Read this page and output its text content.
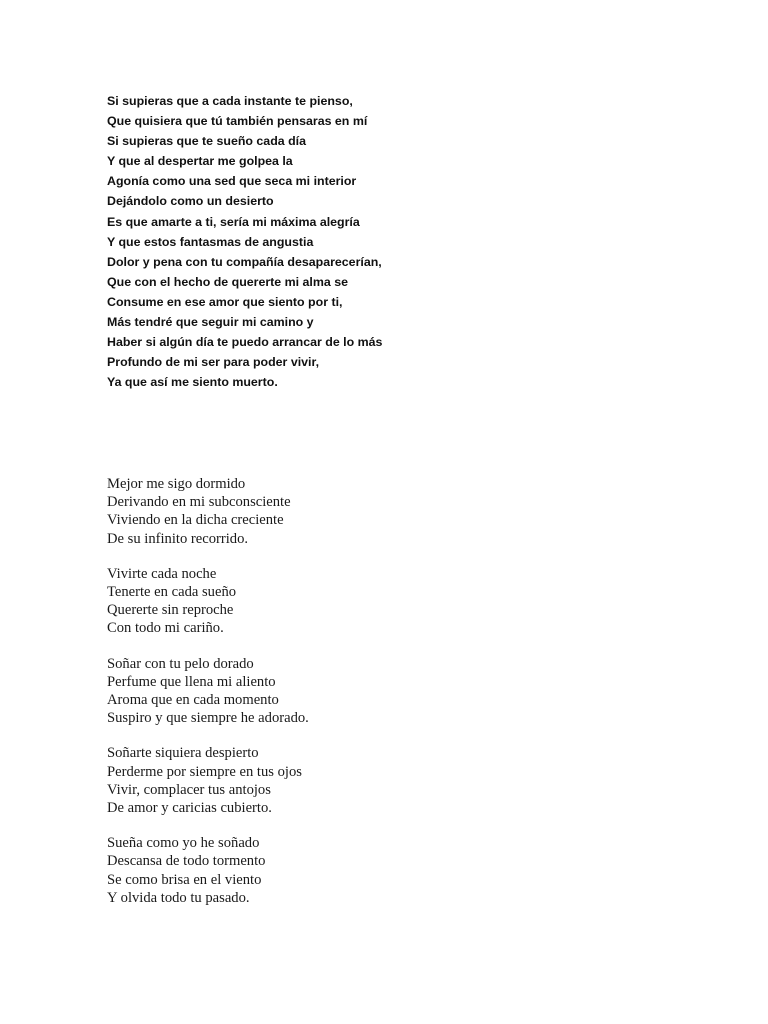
Si supieras que a cada instante te pienso,
Que quisiera que tú también pensaras en mí
Si supieras que te sueño cada día
Y que al despertar me golpea la
Agonía como una sed que seca mi interior
Dejándolo como un desierto
Es que amarte a ti, sería mi máxima alegría
Y que estos fantasmas de angustia
Dolor y pena con tu compañía desaparecerían,
Que con el hecho de quererte mi alma se
Consume en ese amor que siento por ti,
Más tendré que seguir mi camino y
Haber si algún día te puedo arrancar de lo más
Profundo de mi ser para poder vivir,
Ya que así me siento muerto.
Mejor me sigo dormido
Derivando en mi subconsciente
Viviendo en la dicha creciente
De su infinito recorrido.
Vivirte cada noche
Tenerte en cada sueño
Quererte sin reproche
Con todo mi cariño.
Soñar con tu pelo dorado
Perfume que llena mi aliento
Aroma que en cada momento
Suspiro y que siempre he adorado.
Soñarte siquiera despierto
Perderme por siempre en tus ojos
Vivir, complacer tus antojos
De amor y caricias cubierto.
Sueña como yo he soñado
Descansa de todo tormento
Se como brisa en el viento
Y olvida todo tu pasado.
